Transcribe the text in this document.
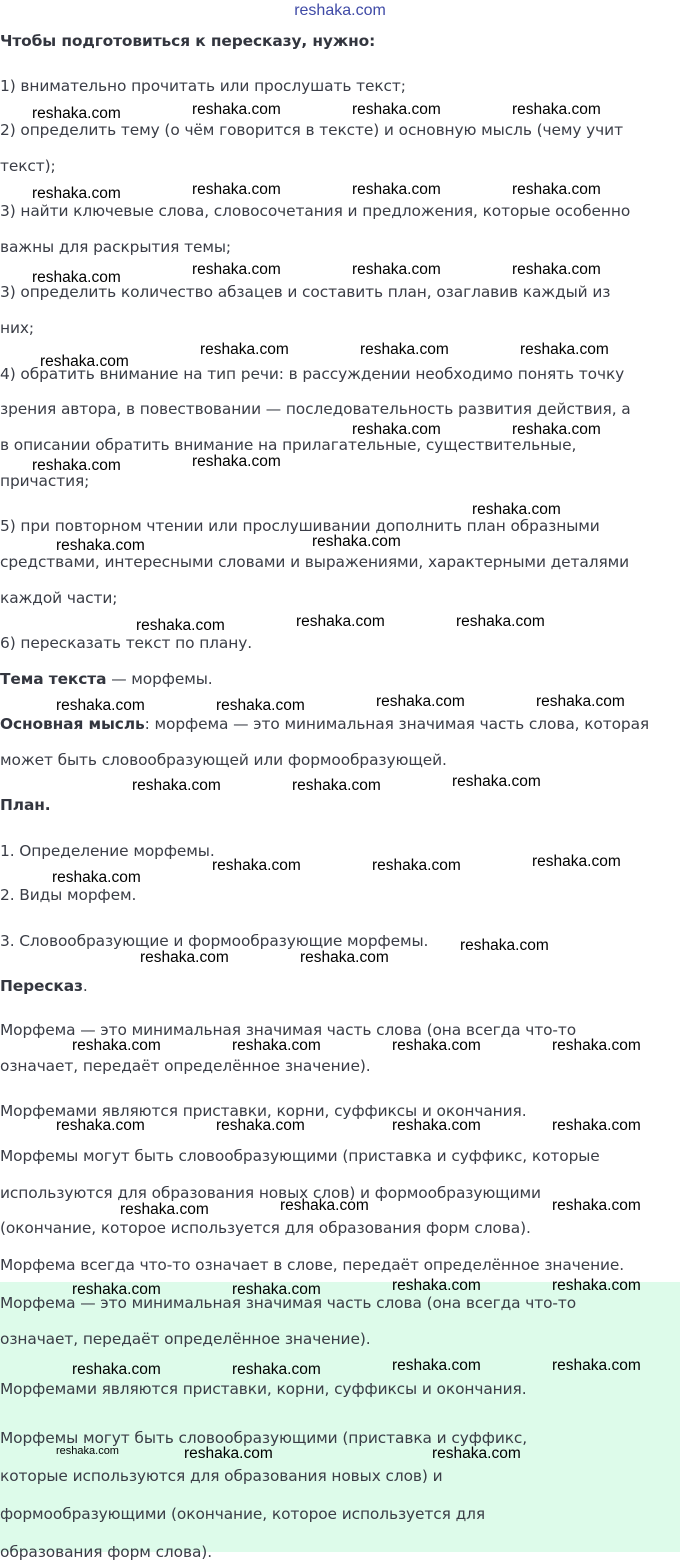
reshaka.com
Чтобы подготовиться к пересказу, нужно:
1) внимательно прочитать или прослушать текст;
2) определить тему (о чём говорится в тексте) и основную мысль (чему учит
текст);
3) найти ключевые слова, словосочетания и предложения, которые особенно
важны для раскрытия темы;
3) определить количество абзацев и составить план, озаглавив каждый из
них;
4) обратить внимание на тип речи: в рассуждении необходимо понять точку
зрения автора, в повествовании — последовательность развития действия, а
в описании обратить внимание на прилагательные, существительные,
причастия;
5) при повторном чтении или прослушивании дополнить план образными
средствами, интересными словами и выражениями, характерными деталями
каждой части;
6) пересказать текст по плану.
Тема текста — морфемы.
Основная мысль: морфема — это минимальная значимая часть слова, которая
может быть словообразующей или формообразующей.
План.
1. Определение морфемы.
2. Виды морфем.
3. Словообразующие и формообразующие морфемы.
Пересказ.
Морфема — это минимальная значимая часть слова (она всегда что-то
означает, передаёт определённое значение).
Морфемами являются приставки, корни, суффиксы и окончания.
Морфемы могут быть словообразующими (приставка и суффикс, которые
используются для образования новых слов) и формообразующими
(окончание, которое используется для образования форм слова).
Морфема всегда что-то означает в слове, передаёт определённое значение.
Морфема — это минимальная значимая часть слова (она всегда что-то
означает, передаёт определённое значение).
Морфемами являются приставки, корни, суффиксы и окончания.
Морфемы могут быть словообразующими (приставка и суффикс,
которые используются для образования новых слов) и
формообразующими (окончание, которое используется для
образования форм слова).
reshaka.com	reshaka.com	reshaka.com	reshaka.com
reshaka.com	reshaka.com	reshaka.com	reshaka.com
reshaka.com	reshaka.com	reshaka.com	reshaka.com
reshaka.com
reshaka.com	reshaka.com	reshaka.com
reshaka.com	reshaka.com
reshaka.com	reshaka.com
reshaka.com
reshaka.com	reshaka.com
reshaka.com	reshaka.com	reshaka.com
reshaka.com	reshaka.com	reshaka.com	reshaka.com
reshaka.com	reshaka.com	reshaka.com
reshaka.com	reshaka.com	reshaka.com
reshaka.com
reshaka.com
reshaka.com	reshaka.com
reshaka.com	reshaka.com	reshaka.com	reshaka.com
reshaka.com	reshaka.com	reshaka.com	reshaka.com
reshaka.com	reshaka.com
reshaka.com
reshaka.com	reshaka.com
reshaka.com	reshaka.com
reshaka.com	reshaka.com
reshaka.com	reshaka.com
reshaka.com	reshaka.com	reshaka.com
